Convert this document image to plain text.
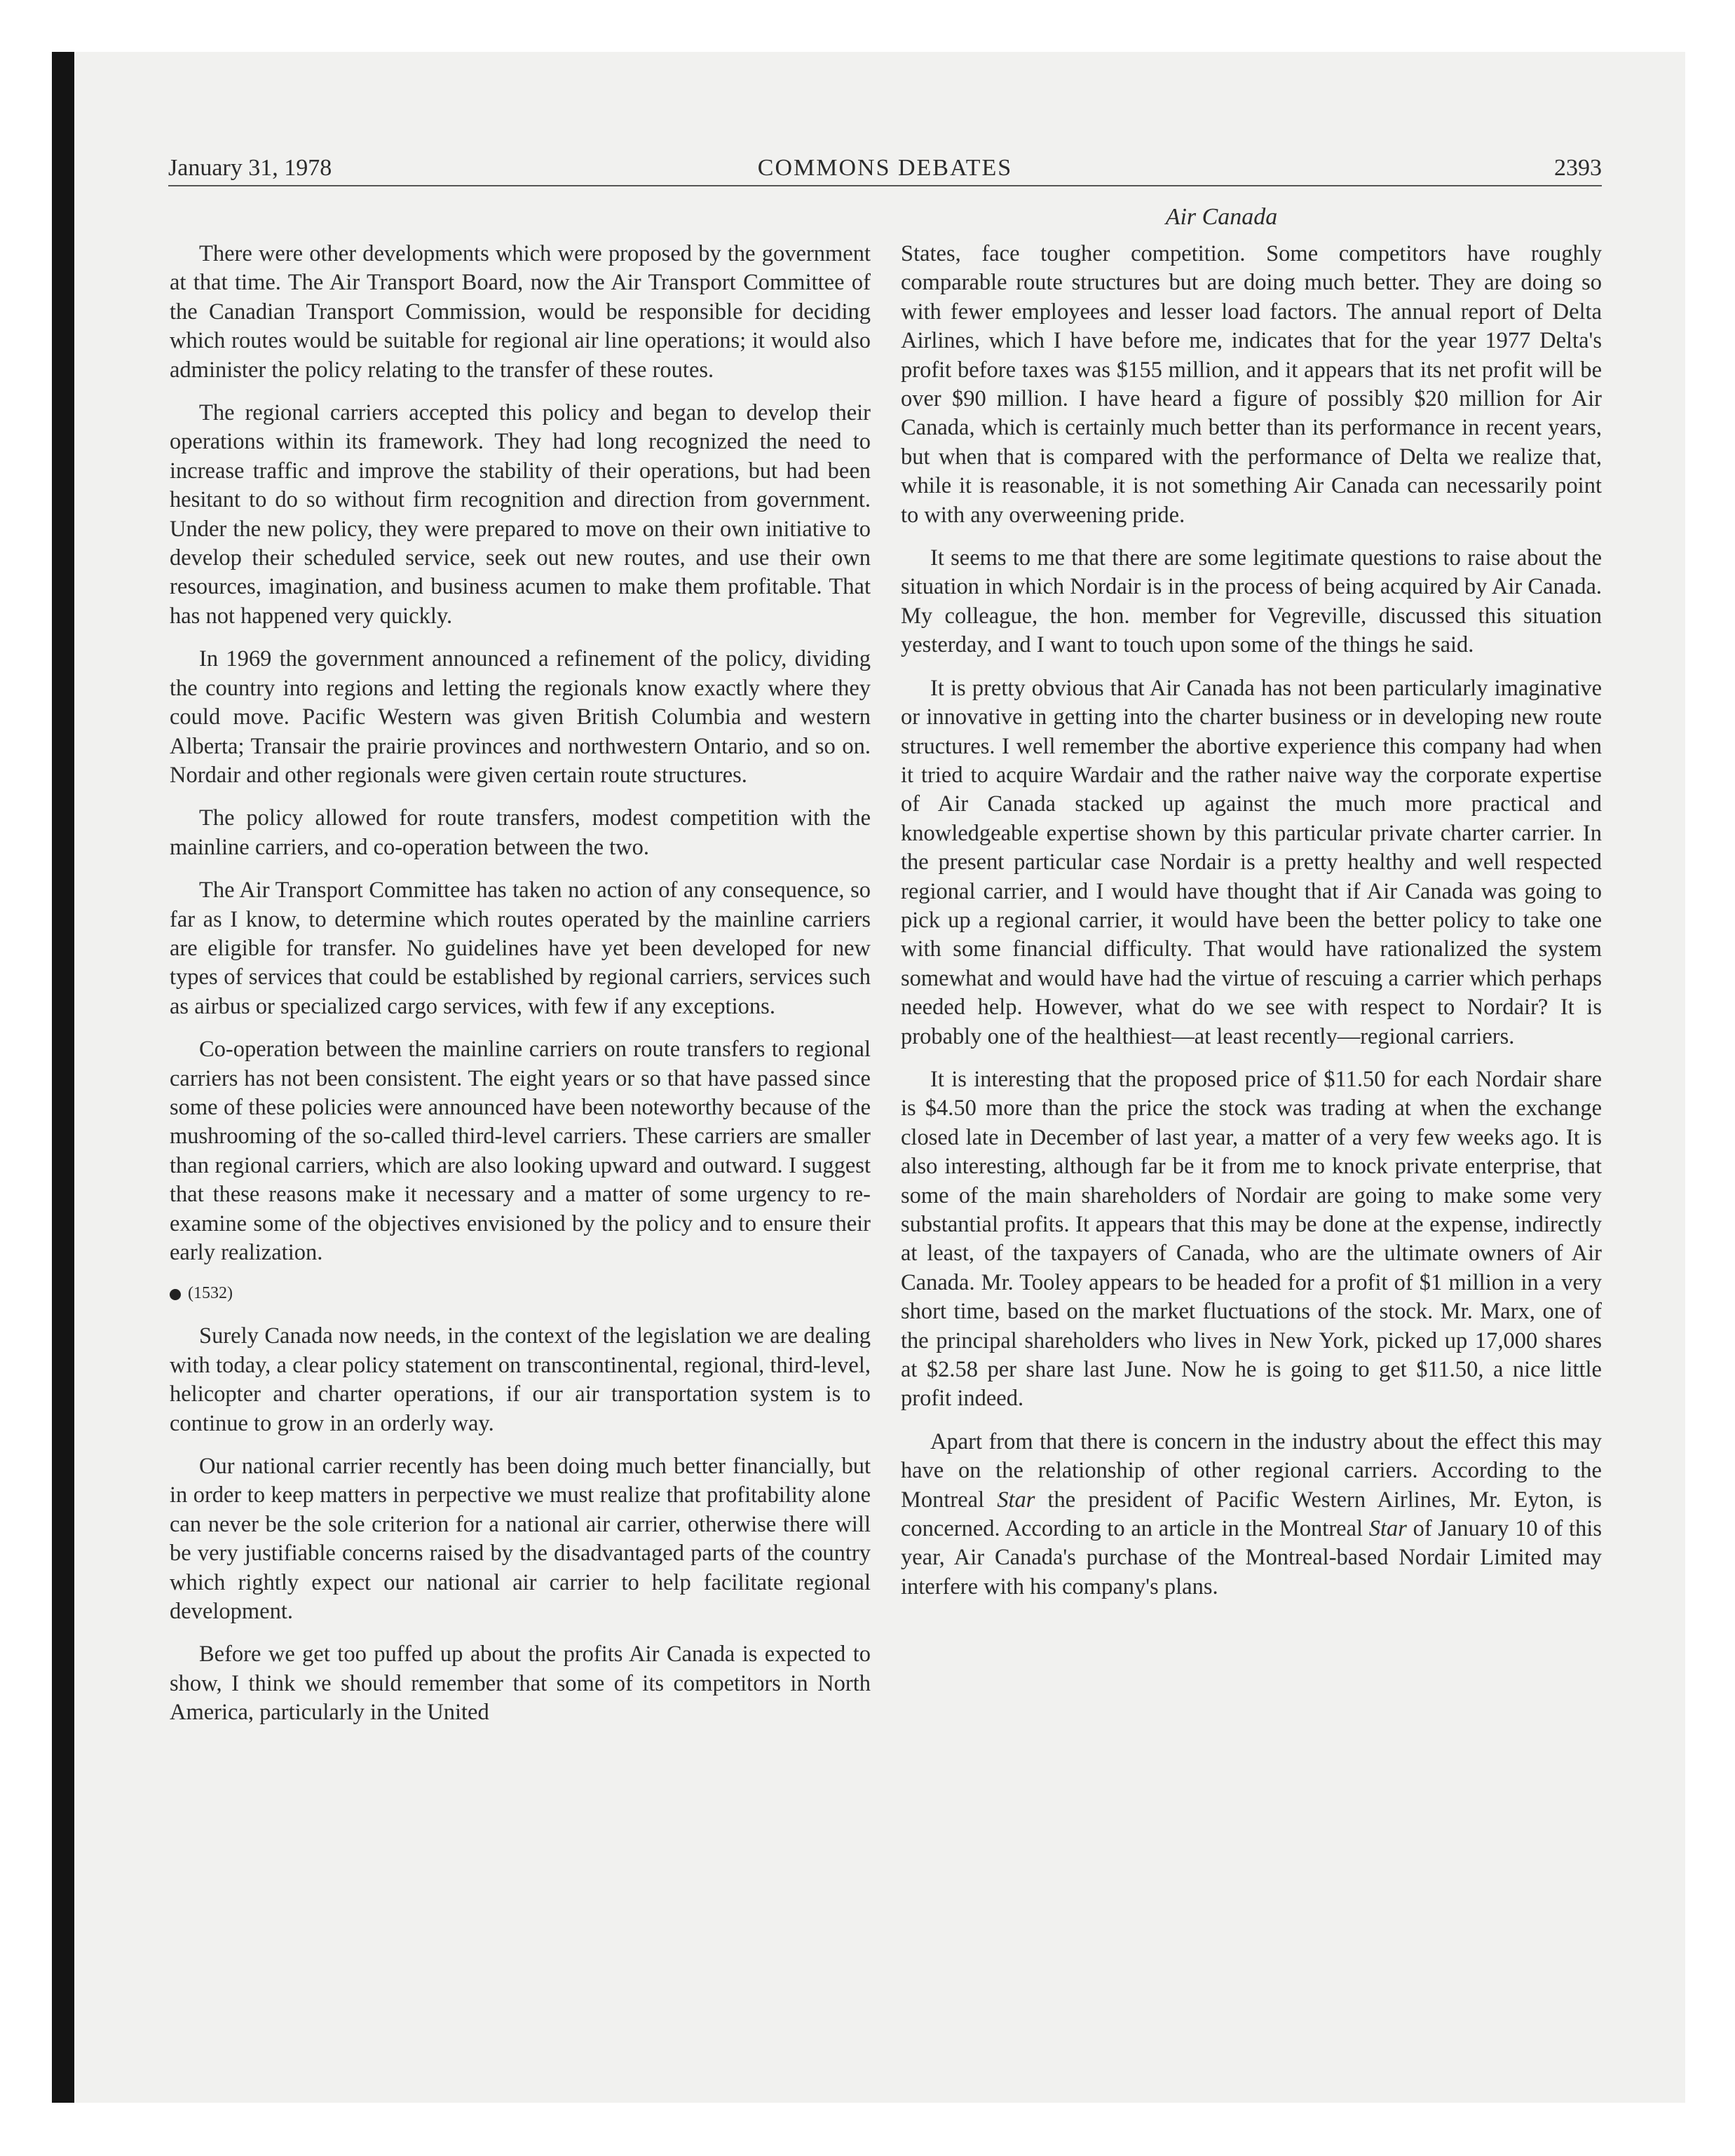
January 31, 1978	COMMONS DEBATES	2393
Air Canada

There were other developments which were proposed by the government at that time. The Air Transport Board, now the Air Transport Committee of the Canadian Transport Commission, would be responsible for deciding which routes would be suitable for regional air line operations; it would also administer the policy relating to the transfer of these routes.

The regional carriers accepted this policy and began to develop their operations within its framework. They had long recognized the need to increase traffic and improve the stability of their operations, but had been hesitant to do so without firm recognition and direction from government. Under the new policy, they were prepared to move on their own initiative to develop their scheduled service, seek out new routes, and use their own resources, imagination, and business acumen to make them profitable. That has not happened very quickly.

In 1969 the government announced a refinement of the policy, dividing the country into regions and letting the regionals know exactly where they could move. Pacific Western was given British Columbia and western Alberta; Transair the prairie provinces and northwestern Ontario, and so on. Nordair and other regionals were given certain route structures.

The policy allowed for route transfers, modest competition with the mainline carriers, and co-operation between the two.

The Air Transport Committee has taken no action of any consequence, so far as I know, to determine which routes operated by the mainline carriers are eligible for transfer. No guidelines have yet been developed for new types of services that could be established by regional carriers, services such as airbus or specialized cargo services, with few if any exceptions.

Co-operation between the mainline carriers on route transfers to regional carriers has not been consistent. The eight years or so that have passed since some of these policies were announced have been noteworthy because of the mushrooming of the so-called third-level carriers. These carriers are smaller than regional carriers, which are also looking upward and outward. I suggest that these reasons make it necessary and a matter of some urgency to re-examine some of the objectives envisioned by the policy and to ensure their early realization.

(1532)

Surely Canada now needs, in the context of the legislation we are dealing with today, a clear policy statement on transcontinental, regional, third-level, helicopter and charter operations, if our air transportation system is to continue to grow in an orderly way.

Our national carrier recently has been doing much better financially, but in order to keep matters in perpective we must realize that profitability alone can never be the sole criterion for a national air carrier, otherwise there will be very justifiable concerns raised by the disadvantaged parts of the country which rightly expect our national air carrier to help facilitate regional development.

Before we get too puffed up about the profits Air Canada is expected to show, I think we should remember that some of its competitors in North America, particularly in the United

States, face tougher competition. Some competitors have roughly comparable route structures but are doing much better. They are doing so with fewer employees and lesser load factors. The annual report of Delta Airlines, which I have before me, indicates that for the year 1977 Delta's profit before taxes was $155 million, and it appears that its net profit will be over $90 million. I have heard a figure of possibly $20 million for Air Canada, which is certainly much better than its performance in recent years, but when that is compared with the performance of Delta we realize that, while it is reasonable, it is not something Air Canada can necessarily point to with any overweening pride.

It seems to me that there are some legitimate questions to raise about the situation in which Nordair is in the process of being acquired by Air Canada. My colleague, the hon. member for Vegreville, discussed this situation yesterday, and I want to touch upon some of the things he said.

It is pretty obvious that Air Canada has not been particularly imaginative or innovative in getting into the charter business or in developing new route structures. I well remember the abortive experience this company had when it tried to acquire Wardair and the rather naive way the corporate expertise of Air Canada stacked up against the much more practical and knowledgeable expertise shown by this particular private charter carrier. In the present particular case Nordair is a pretty healthy and well respected regional carrier, and I would have thought that if Air Canada was going to pick up a regional carrier, it would have been the better policy to take one with some financial difficulty. That would have rationalized the system somewhat and would have had the virtue of rescuing a carrier which perhaps needed help. However, what do we see with respect to Nordair? It is probably one of the healthiest—at least recently—regional carriers.

It is interesting that the proposed price of $11.50 for each Nordair share is $4.50 more than the price the stock was trading at when the exchange closed late in December of last year, a matter of a very few weeks ago. It is also interesting, although far be it from me to knock private enterprise, that some of the main shareholders of Nordair are going to make some very substantial profits. It appears that this may be done at the expense, indirectly at least, of the taxpayers of Canada, who are the ultimate owners of Air Canada. Mr. Tooley appears to be headed for a profit of $1 million in a very short time, based on the market fluctuations of the stock. Mr. Marx, one of the principal shareholders who lives in New York, picked up 17,000 shares at $2.58 per share last June. Now he is going to get $11.50, a nice little profit indeed.

Apart from that there is concern in the industry about the effect this may have on the relationship of other regional carriers. According to the Montreal Star the president of Pacific Western Airlines, Mr. Eyton, is concerned. According to an article in the Montreal Star of January 10 of this year, Air Canada's purchase of the Montreal-based Nordair Limited may interfere with his company's plans.
